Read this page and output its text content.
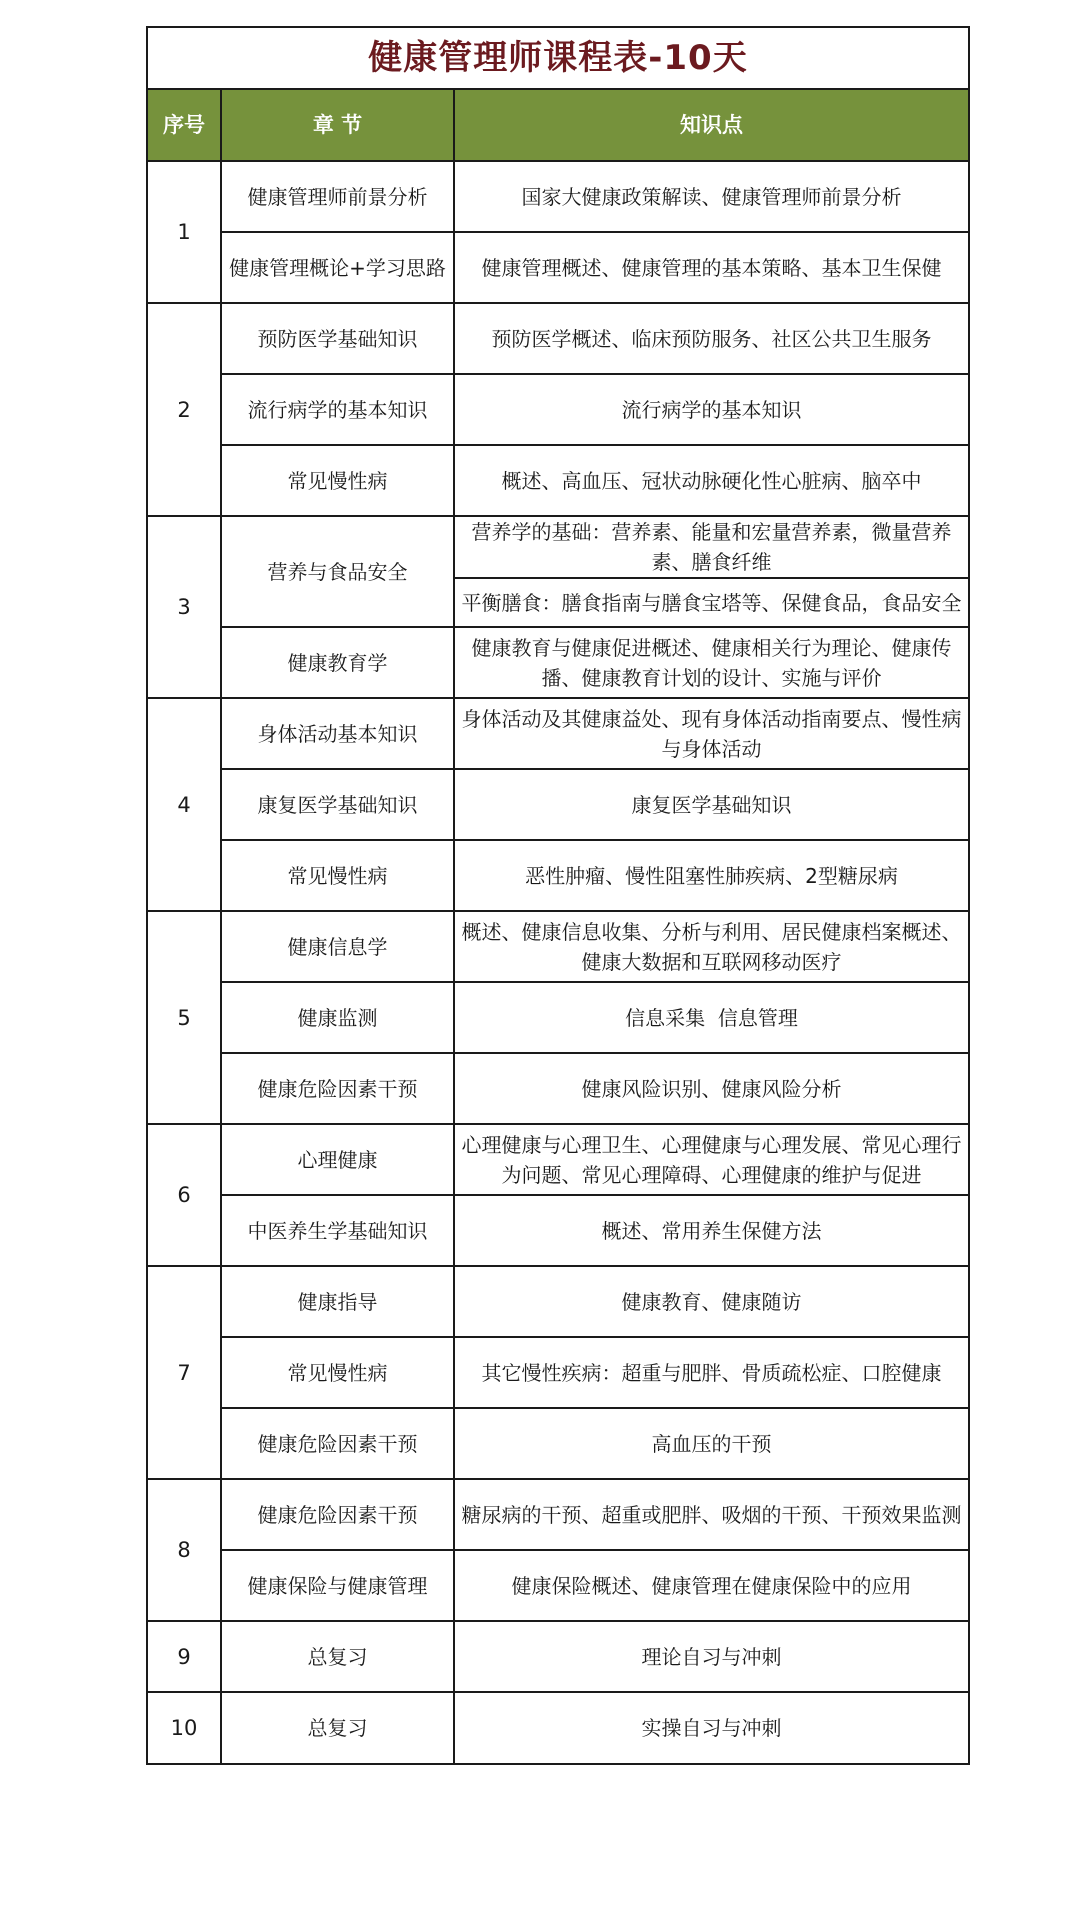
健康管理师课程表-10天		
序号	章 节	知识点
1	健康管理师前景分析	国家大健康政策解读、健康管理师前景分析
	健康管理概论+学习思路	健康管理概述、健康管理的基本策略、基本卫生保健
2	预防医学基础知识	预防医学概述、临床预防服务、社区公共卫生服务
	流行病学的基本知识	流行病学的基本知识
	常见慢性病	概述、高血压、冠状动脉硬化性心脏病、脑卒中
3	营养与食品安全	营养学的基础：营养素、能量和宏量营养素，微量营养素、膳食纤维
		平衡膳食：膳食指南与膳食宝塔等、保健食品，食品安全
	健康教育学	健康教育与健康促进概述、健康相关行为理论、健康传播、健康教育计划的设计、实施与评价
4	身体活动基本知识	身体活动及其健康益处、现有身体活动指南要点、慢性病与身体活动
	康复医学基础知识	康复医学基础知识
	常见慢性病	恶性肿瘤、慢性阻塞性肺疾病、2型糖尿病
5	健康信息学	概述、健康信息收集、分析与利用、居民健康档案概述、健康大数据和互联网移动医疗
	健康监测	信息采集  信息管理
	健康危险因素干预	健康风险识别、健康风险分析
6	心理健康	心理健康与心理卫生、心理健康与心理发展、常见心理行为问题、常见心理障碍、心理健康的维护与促进
	中医养生学基础知识	概述、常用养生保健方法
7	健康指导	健康教育、健康随访
	常见慢性病	其它慢性疾病：超重与肥胖、骨质疏松症、口腔健康
	健康危险因素干预	高血压的干预
8	健康危险因素干预	糖尿病的干预、超重或肥胖、吸烟的干预、干预效果监测
	健康保险与健康管理	健康保险概述、健康管理在健康保险中的应用
9	总复习	理论自习与冲刺
10	总复习	实操自习与冲刺
